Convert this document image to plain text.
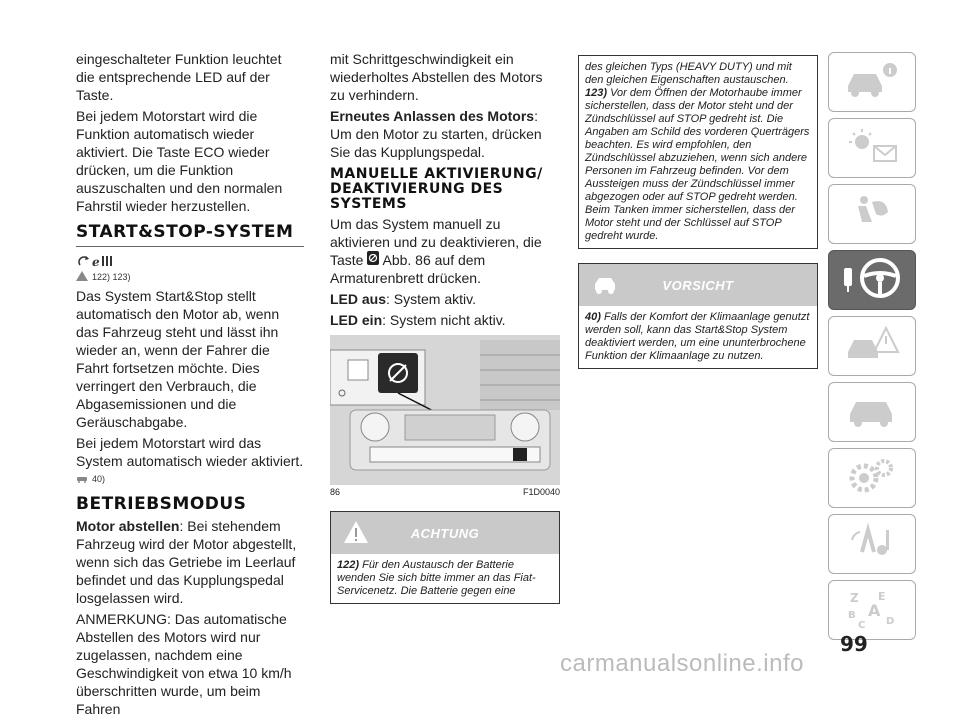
eingeschalteter Funktion leuchtet die entsprechende LED auf der Taste.

Bei jedem Motorstart wird die Funktion automatisch wieder aktiviert. Die Taste ECO wieder drücken, um die Funktion auszuschalten und den normalen Fahrstil wieder herzustellen.

START&STOP-SYSTEM
ℯ
122) 123)

Das System Start&Stop stellt automatisch den Motor ab, wenn das Fahrzeug steht und lässt ihn wieder an, wenn der Fahrer die Fahrt fortsetzen möchte. Dies verringert den Verbrauch, die Abgasemissionen und die Geräuschabgabe.

Bei jedem Motorstart wird das System automatisch wieder aktiviert.

40)
BETRIEBSMODUS

Motor abstellen: Bei stehendem Fahrzeug wird der Motor abgestellt, wenn sich das Getriebe im Leerlauf befindet und das Kupplungspedal losgelassen wird.

ANMERKUNG: Das automatische Abstellen des Motors wird nur zugelassen, nachdem eine Geschwindigkeit von etwa 10 km/h überschritten wurde, um beim Fahren

mit Schrittgeschwindigkeit ein wiederholtes Abstellen des Motors zu verhindern.

Erneutes Anlassen des Motors: Um den Motor zu starten, drücken Sie das Kupplungspedal.

MANUELLE AKTIVIERUNG/ DEAKTIVIERUNG DES SYSTEMS

Um das System manuell zu aktivieren und zu deaktivieren, die Taste Abb. 86 auf dem Armaturenbrett drücken.

LED aus: System aktiv.

LED ein: System nicht aktiv.

86	F1D0040
ACHTUNG
122) Für den Austausch der Batterie wenden Sie sich bitte immer an das Fiat-Servicenetz. Die Batterie gegen eine
des gleichen Typs (HEAVY DUTY) und mit den gleichen Eigenschaften austauschen.
123) Vor dem Öffnen der Motorhaube immer sicherstellen, dass der Motor steht und der Zündschlüssel auf STOP gedreht ist. Die Angaben am Schild des vorderen Querträgers beachten. Es wird empfohlen, den Zündschlüssel abzuziehen, wenn sich andere Personen im Fahrzeug befinden. Vor dem Aussteigen muss der Zündschlüssel immer abgezogen oder auf STOP gedreht werden. Beim Tanken immer sicherstellen, dass der Motor steht und der Schlüssel auf STOP gedreht wurde.
VORSICHT
40) Falls der Komfort der Klimaanlage genutzt werden soll, kann das Start&Stop System deaktiviert werden, um eine ununterbrochene Funktion der Klimaanlage zu nutzen.
Z E
B A
C D
99
carmanualsonline.info
